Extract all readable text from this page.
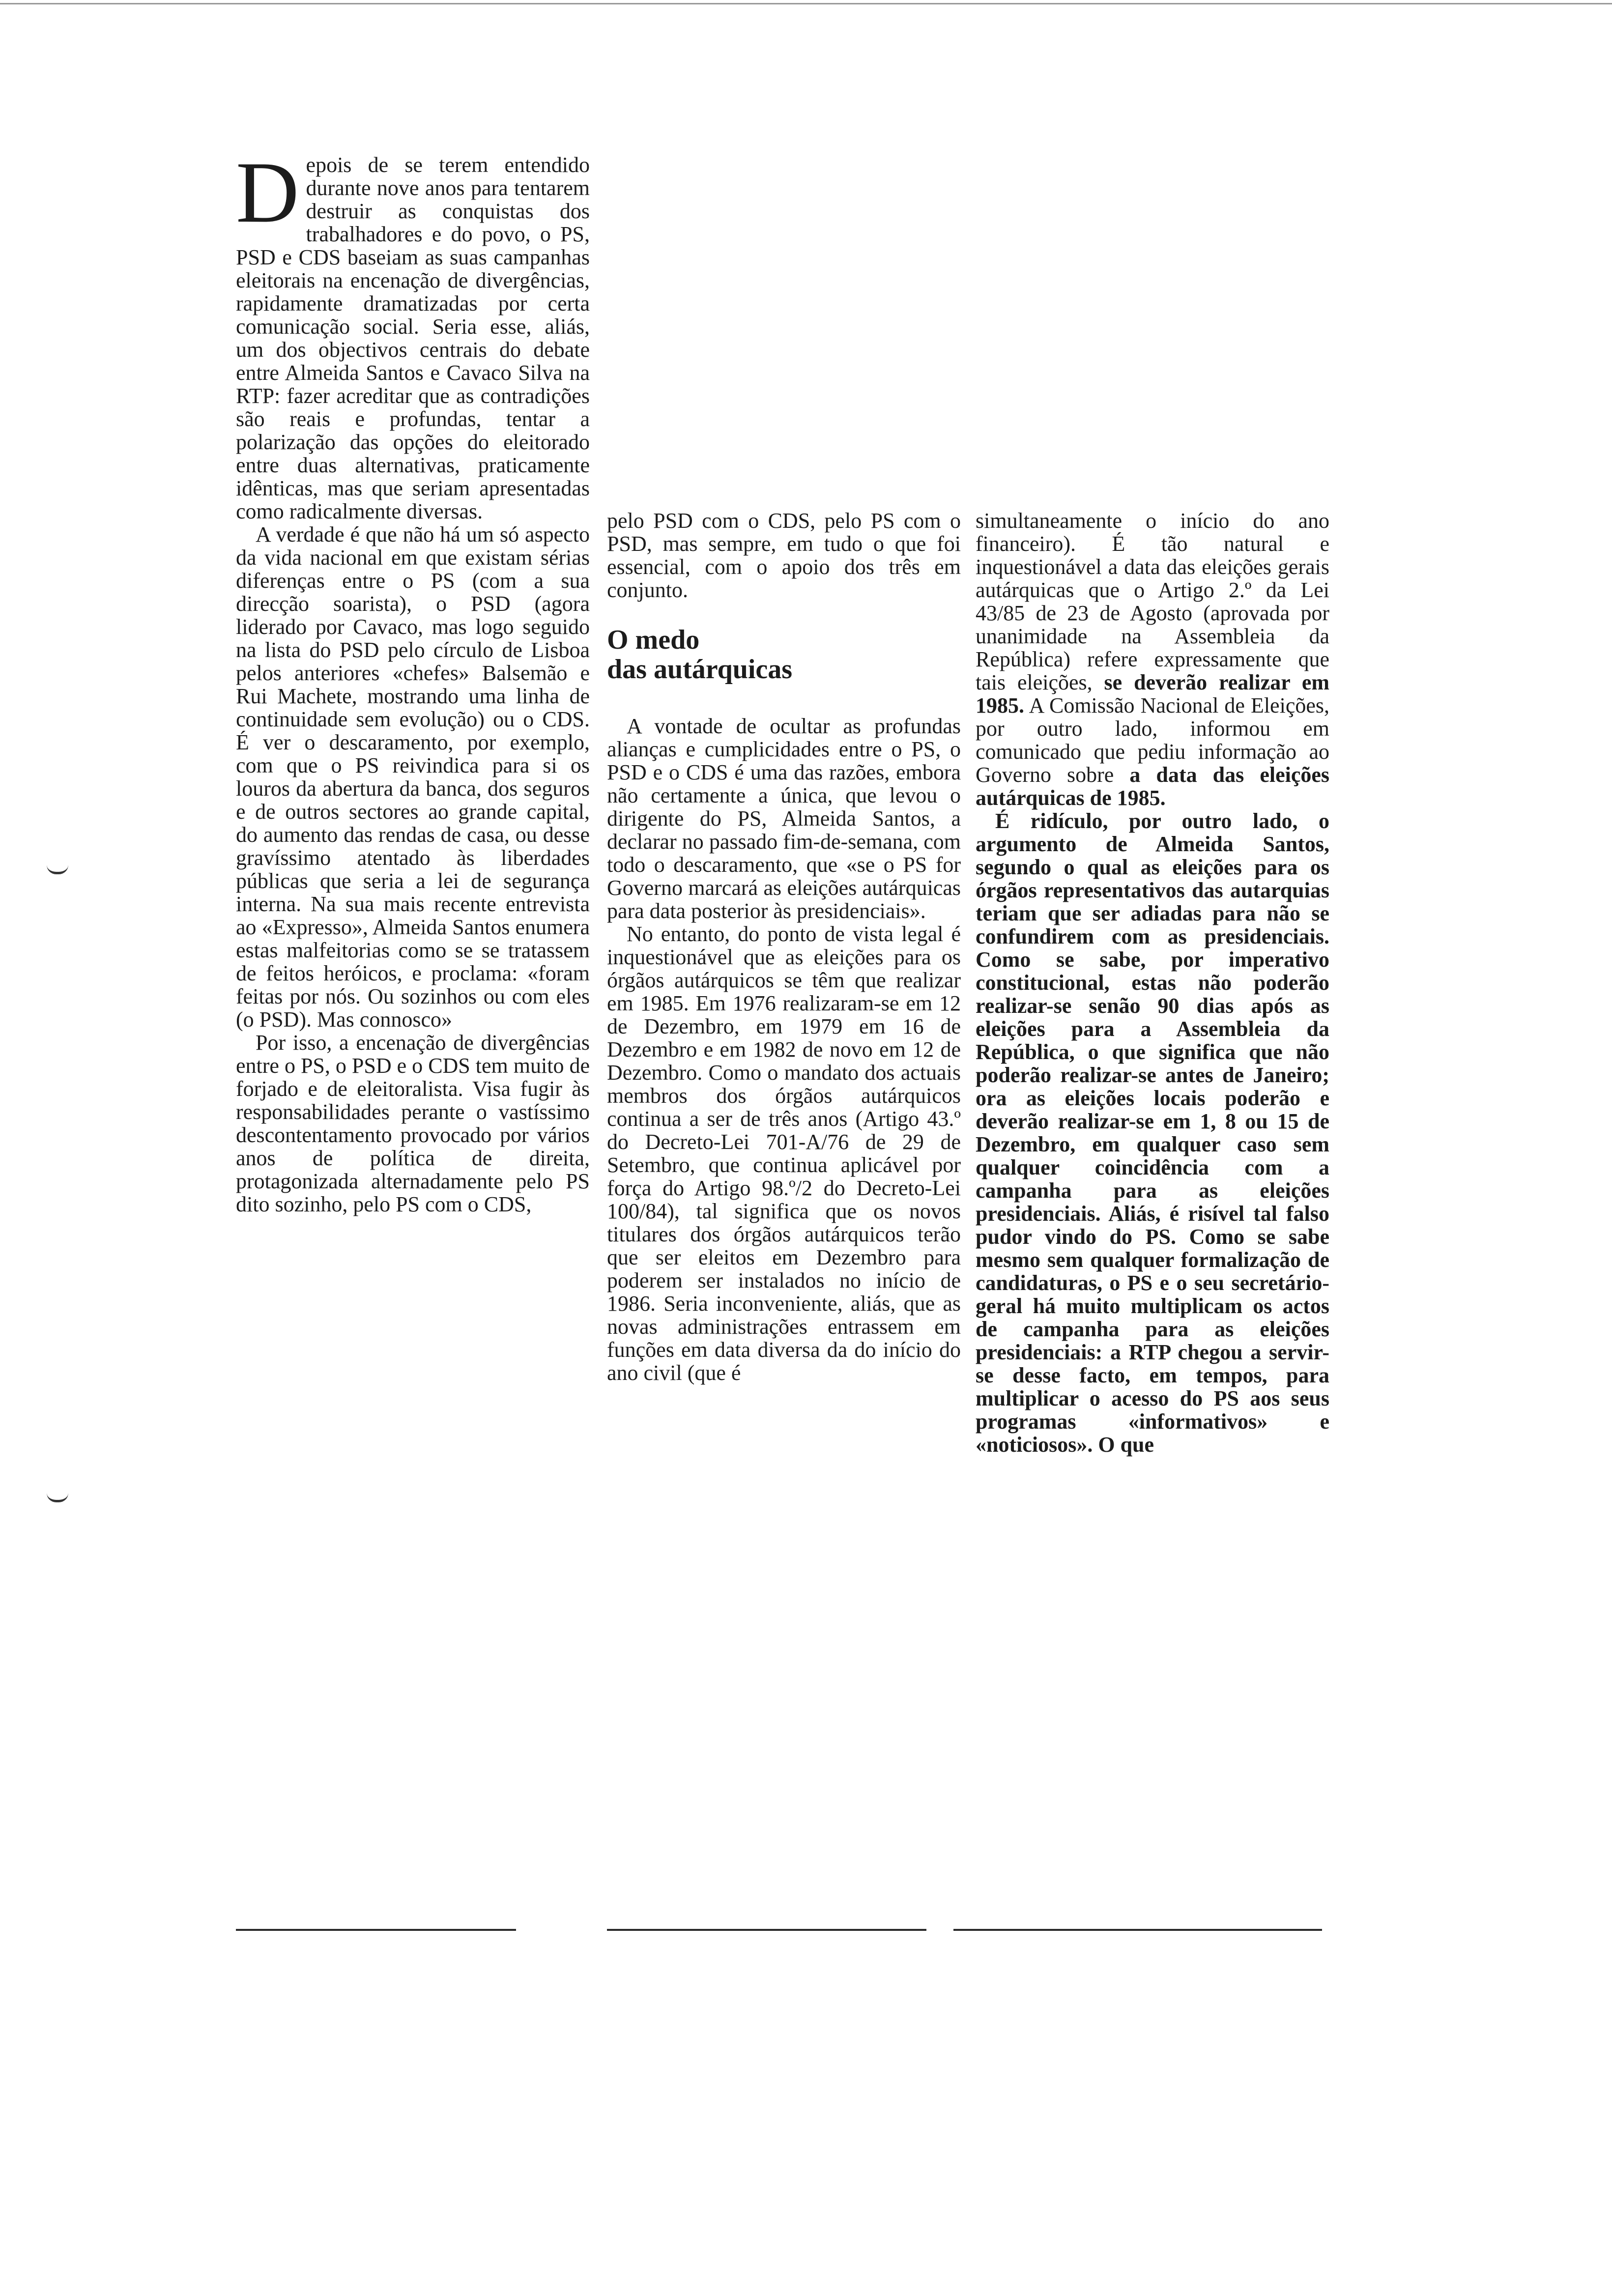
Depois de se terem entendido durante nove anos para tentarem destruir as conquistas dos trabalhadores e do povo, o PS, PSD e CDS baseiam as suas campanhas eleitorais na encenação de divergências, rapidamente dramatizadas por certa comunicação social. Seria esse, aliás, um dos objectivos centrais do debate entre Almeida Santos e Cavaco Silva na RTP: fazer acreditar que as contradições são reais e profundas, tentar a polarização das opções do eleitorado entre duas alternativas, praticamente idênticas, mas que seriam apresentadas como radicalmente diversas.

A verdade é que não há um só aspecto da vida nacional em que existam sérias diferenças entre o PS (com a sua direcção soarista), o PSD (agora liderado por Cavaco, mas logo seguido na lista do PSD pelo círculo de Lisboa pelos anteriores «chefes» Balsemão e Rui Machete, mostrando uma linha de continuidade sem evolução) ou o CDS. É ver o descaramento, por exemplo, com que o PS reivindica para si os louros da abertura da banca, dos seguros e de outros sectores ao grande capital, do aumento das rendas de casa, ou desse gravíssimo atentado às liberdades públicas que seria a lei de segurança interna. Na sua mais recente entrevista ao «Expresso», Almeida Santos enumera estas malfeitorias como se se tratassem de feitos heróicos, e proclama: «foram feitas por nós. Ou sozinhos ou com eles (o PSD). Mas connosco»

Por isso, a encenação de divergências entre o PS, o PSD e o CDS tem muito de forjado e de eleitoralista. Visa fugir às responsabilidades perante o vastíssimo descontentamento provocado por vários anos de política de direita, protagonizada alternadamente pelo PS dito sozinho, pelo PS com o CDS,

pelo PSD com o CDS, pelo PS com o PSD, mas sempre, em tudo o que foi essencial, com o apoio dos três em conjunto.

O medo
das autárquicas

A vontade de ocultar as profundas alianças e cumplicidades entre o PS, o PSD e o CDS é uma das razões, embora não certamente a única, que levou o dirigente do PS, Almeida Santos, a declarar no passado fim-de-semana, com todo o descaramento, que «se o PS for Governo marcará as eleições autárquicas para data posterior às presidenciais».

No entanto, do ponto de vista legal é inquestionável que as eleições para os órgãos autárquicos se têm que realizar em 1985. Em 1976 realizaram-se em 12 de Dezembro, em 1979 em 16 de Dezembro e em 1982 de novo em 12 de Dezembro. Como o mandato dos actuais membros dos órgãos autárquicos continua a ser de três anos (Artigo 43.º do Decreto-Lei 701-A/76 de 29 de Setembro, que continua aplicável por força do Artigo 98.º/2 do Decreto-Lei 100/84), tal significa que os novos titulares dos órgãos autárquicos terão que ser eleitos em Dezembro para poderem ser instalados no início de 1986. Seria inconveniente, aliás, que as novas administrações entrassem em funções em data diversa da do início do ano civil (que é

simultaneamente o início do ano financeiro). É tão natural e inquestionável a data das eleições gerais autárquicas que o Artigo 2.º da Lei 43/85 de 23 de Agosto (aprovada por unanimidade na Assembleia da República) refere expressamente que tais eleições, se deverão realizar em 1985. A Comissão Nacional de Eleições, por outro lado, informou em comunicado que pediu informação ao Governo sobre a data das eleições autárquicas de 1985.

É ridículo, por outro lado, o argumento de Almeida Santos, segundo o qual as eleições para os órgãos representativos das autarquias teriam que ser adiadas para não se confundirem com as presidenciais. Como se sabe, por imperativo constitucional, estas não poderão realizar-se senão 90 dias após as eleições para a Assembleia da República, o que significa que não poderão realizar-se antes de Janeiro; ora as eleições locais poderão e deverão realizar-se em 1, 8 ou 15 de Dezembro, em qualquer caso sem qualquer coincidência com a campanha para as eleições presidenciais. Aliás, é risível tal falso pudor vindo do PS. Como se sabe mesmo sem qualquer formalização de candidaturas, o PS e o seu secretário-geral há muito multiplicam os actos de campanha para as eleições presidenciais: a RTP chegou a servir-se desse facto, em tempos, para multiplicar o acesso do PS aos seus programas «informativos» e «noticiosos». O que
